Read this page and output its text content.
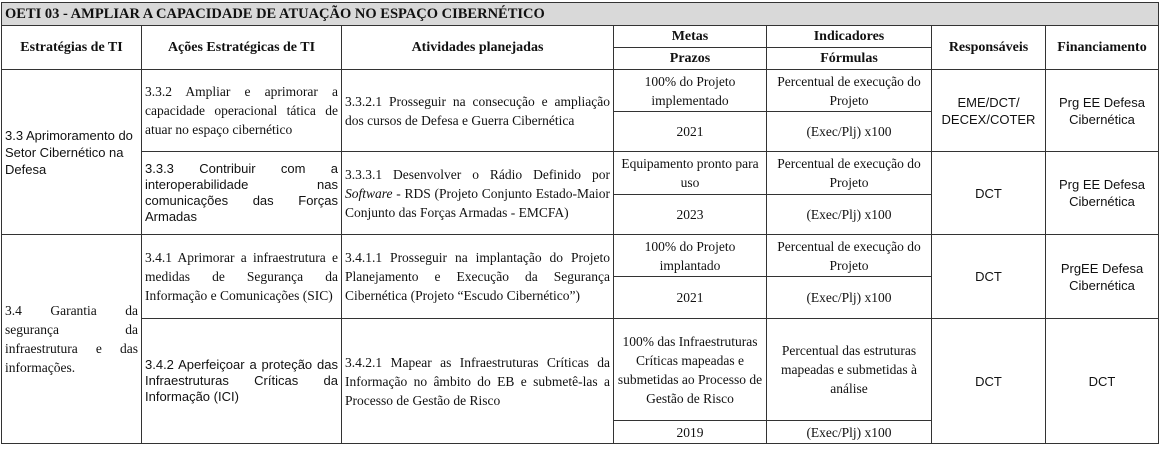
OETI 03 - AMPLIAR A CAPACIDADE DE ATUAÇÃO NO ESPAÇO CIBERNÉTICO						
Estratégias de TI	Ações Estratégicas de TI	Atividades planejadas	Metas	Indicadores	Responsáveis	Financiamento
			Prazos	Fórmulas		
3.3 Aprimoramento do Setor Cibernético na Defesa	3.3.2 Ampliar e aprimorar a capacidade operacional tática de atuar no espaço cibernético	3.3.2.1 Prosseguir na consecução e ampliação dos cursos de Defesa e Guerra Cibernética	100% do Projeto implementado	Percentual de execução do Projeto	EME/DCT/ DECEX/COTER	Prg EE Defesa Cibernética
			2021	(Exec/Plj) x100		
	3.3.3 Contribuir com a interoperabilidade nas comunicações das Forças Armadas	3.3.3.1 Desenvolver o Rádio Definido por Software - RDS (Projeto Conjunto Estado-Maior Conjunto das Forças Armadas - EMCFA)	Equipamento pronto para uso	Percentual de execução do Projeto	DCT	Prg EE Defesa Cibernética
			2023	(Exec/Plj) x100		
3.4 Garantia da segurança da infraestrutura e das informações.	3.4.1 Aprimorar a infraestrutura e medidas de Segurança da Informação e Comunicações (SIC)	3.4.1.1 Prosseguir na implantação do Projeto Planejamento e Execução da Segurança Cibernética (Projeto “Escudo Cibernético”)	100% do Projeto implantado	Percentual de execução do Projeto	DCT	PrgEE Defesa Cibernética
			2021	(Exec/Plj) x100		
	3.4.2 Aperfeiçoar a proteção das Infraestruturas Críticas da Informação (ICI)	3.4.2.1 Mapear as Infraestruturas Críticas da Informação no âmbito do EB e submetê-las a Processo de Gestão de Risco	100% das Infraestruturas Críticas mapeadas e submetidas ao Processo de Gestão de Risco	Percentual das estruturas mapeadas e submetidas à análise	DCT	DCT
			2019	(Exec/Plj) x100		
